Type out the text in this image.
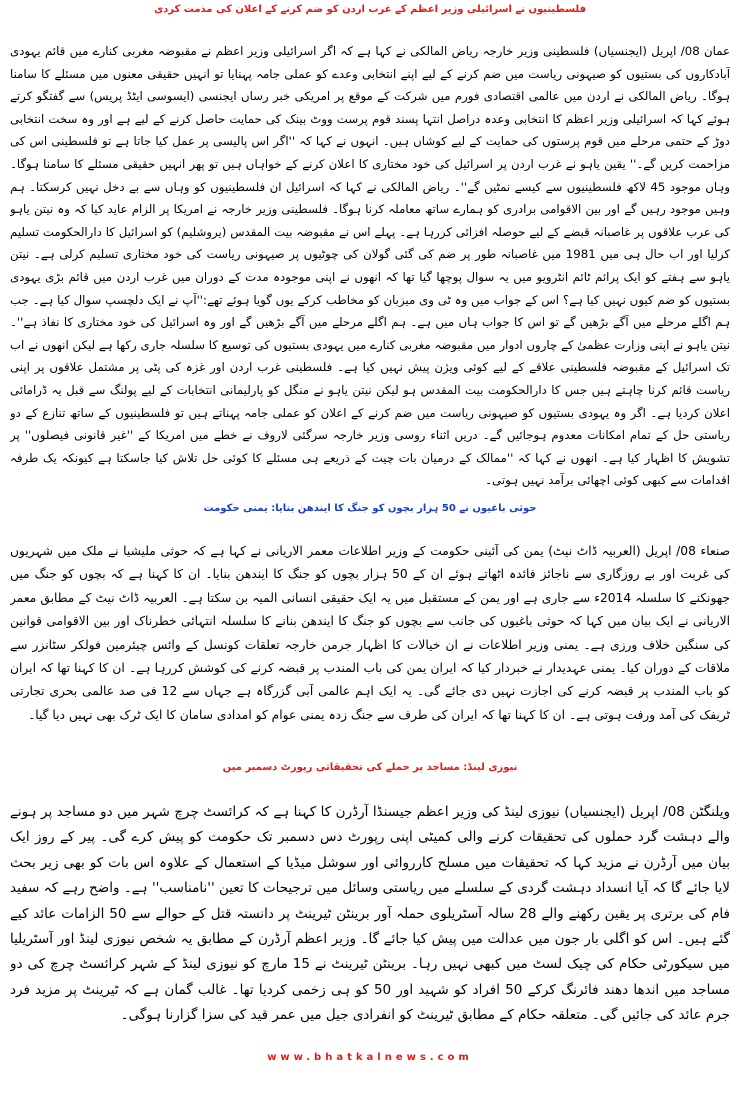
فلسطینیوں نے اسرائیلی وزیر اعظم کے غرب اردن کو ضم کرنے کے اعلان کی مذمت کردی
عمان 08/ اپریل (ایجنسیاں) فلسطینی وزیر خارجہ ریاض المالکی نے کہا ہے کہ اگر اسرائیلی وزیر اعظم نے مقبوضہ مغربی کنارے میں قائم یہودی آبادکاروں کی بستیوں کو صیہونی ریاست میں ضم کرنے کے لیے اپنے انتخابی وعدے کو عملی جامہ پہنایا تو انہیں حقیقی معنوں میں مسئلے کا سامنا ہوگا۔ ریاض المالکی نے اردن میں عالمی اقتصادی فورم میں شرکت کے موقع پر امریکی خبر رساں ایجنسی (ایسوسی ایٹڈ پریس) سے گفتگو کرتے ہوئے کہا کہ اسرائیلی وزیر اعظم کا انتخابی وعدہ دراصل انتہا پسند قوم پرست ووٹ بینک کی حمایت حاصل کرنے کے لیے ہے اور وہ سخت انتخابی دوڑ کے حتمی مرحلے میں قوم پرستوں کی حمایت کے لیے کوشاں ہیں۔ انہوں نے کہا کہ ''اگر اس پالیسی پر عمل کیا جاتا ہے تو فلسطینی اس کی مزاحمت کریں گے۔'' یقین یاہو نے غرب اردن پر اسرائیل کی خود مختاری کا اعلان کرنے کے خواہاں ہیں تو پھر انہیں حقیقی مسئلے کا سامنا ہوگا۔ وہاں موجود 45 لاکھ فلسطینیوں سے کیسے نمٹیں گے''۔ ریاض المالکی نے کہا کہ اسرائیل ان فلسطینیوں کو وہاں سے بے دخل نہیں کرسکتا۔ ہم وہیں موجود رہیں گے اور بین الاقوامی برادری کو ہمارے ساتھ معاملہ کرنا ہوگا۔ فلسطینی وزیر خارجہ نے امریکا پر الزام عاید کیا کہ وہ نیتن یاہو کی عرب علاقوں پر غاصبانہ قبضے کے لیے حوصلہ افزائی کررہا ہے۔ پہلے اس نے مقبوضہ بیت المقدس (یروشلیم) کو اسرائیل کا دارالحکومت تسلیم کرلیا اور اب حال ہی میں 1981 میں غاصبانہ طور پر ضم کی گئی گولان کی چوٹیوں پر صیہونی ریاست کی خود مختاری تسلیم کرلی ہے۔ نیتن یاہو سے ہفتے کو ایک پرائم ٹائم انٹرویو میں یہ سوال پوچھا گیا تھا کہ انھوں نے اپنی موجودہ مدت کے دوران میں غرب اردن میں قائم بڑی یہودی بستیوں کو ضم کیوں نہیں کیا ہے؟ اس کے جواب میں وہ ٹی وی میزبان کو مخاطب کرکے یوں گویا ہوئے تھے:''آپ نے ایک دلچسپ سوال کیا ہے۔ جب ہم اگلے مرحلے میں آگے بڑھیں گے تو اس کا جواب ہاں میں ہے۔ ہم اگلے مرحلے میں آگے بڑھیں گے اور وہ اسرائیل کی خود مختاری کا نفاذ ہے''۔ نیتن یاہو نے اپنی وزارت عظمیٰ کے چاروں ادوار میں مقبوضہ مغربی کنارے میں یہودی بستیوں کی توسیع کا سلسلہ جاری رکھا ہے لیکن انھوں نے اب تک اسرائیل کے مقبوضہ فلسطینی علاقے کے لیے کوئی ویژن پیش نہیں کیا ہے۔ فلسطینی غرب اردن اور غزہ کی پٹی پر مشتمل علاقوں پر اپنی ریاست قائم کرنا چاہتے ہیں جس کا دارالحکومت بیت المقدس ہو لیکن نیتن یاہو نے منگل کو پارلیمانی انتخابات کے لیے پولنگ سے قبل یہ ڈرامائی اعلان کردیا ہے۔ اگر وہ یہودی بستیوں کو صیہونی ریاست میں ضم کرنے کے اعلان کو عملی جامہ پہناتے ہیں تو فلسطینیوں کے ساتھ تنازع کے دو ریاستی حل کے تمام امکانات معدوم ہوجائیں گے۔ دریں اثناء روسی وزیر خارجہ سرگئی لاروف نے خطے میں امریکا کے ''غیر قانونی فیصلوں'' پر تشویش کا اظہار کیا ہے۔ انھوں نے کہا کہ ''ممالک کے درمیان بات چیت کے ذریعے ہی مسئلے کا کوئی حل تلاش کیا جاسکتا ہے کیونکہ یک طرفہ اقدامات سے کبھی کوئی اچھائی برآمد نہیں ہوتی۔
حوثی باغیوں نے 50 ہزار بچوں کو جنگ کا ایندھن بنایا: یمنی حکومت
صنعاء 08/ اپریل (العربیہ ڈاٹ نیٹ) یمن کی آئینی حکومت کے وزیر اطلاعات معمر الاریانی نے کہا ہے کہ حوثی ملیشیا نے ملک میں شہریوں کی غربت اور بے روزگاری سے ناجائز فائدہ اٹھاتے ہوئے ان کے 50 ہزار بچوں کو جنگ کا ایندھن بنایا۔ ان کا کہنا ہے کہ بچوں کو جنگ میں جھونکنے کا سلسلہ 2014ء سے جاری ہے اور یمن کے مستقبل میں یہ ایک حقیقی انسانی المیہ بن سکتا ہے۔ العربیہ ڈاٹ نیٹ کے مطابق معمر الاریانی نے ایک بیان میں کہا کہ حوثی باغیوں کی جانب سے بچوں کو جنگ کا ایندھن بنانے کا سلسلہ انتہائی خطرناک اور بین الاقوامی قوانین کی سنگین خلاف ورزی ہے۔ یمنی وزیر اطلاعات نے ان خیالات کا اظہار جرمن خارجہ تعلقات کونسل کے وائس چیئرمین فولکر سٹانزر سے ملاقات کے دوران کیا۔ یمنی عہدیدار نے خبردار کیا کہ ایران یمن کی باب المندب پر قبضہ کرنے کی کوشش کررہا ہے۔ ان کا کہنا تھا کہ ایران کو باب المندب پر قبضہ کرنے کی اجازت نہیں دی جائے گی۔ یہ ایک اہم عالمی آبی گزرگاہ ہے جہاں سے 12 فی صد عالمی بحری تجارتی ٹریفک کی آمد ورفت ہوتی ہے۔ ان کا کہنا تھا کہ ایران کی طرف سے جنگ زدہ یمنی عوام کو امدادی سامان کا ایک ٹرک بھی نہیں دیا گیا۔
نیوزی لینڈ: مساجد پر حملے کی تحقیقاتی رپورٹ دسمبر میں
ویلنگٹن 08/ اپریل (ایجنسیاں) نیوزی لینڈ کی وزیر اعظم جیسنڈا آرڈرن کا کہنا ہے کہ کرائسٹ چرچ شہر میں دو مساجد پر ہونے والے دہشت گرد حملوں کی تحقیقات کرنے والی کمیٹی اپنی رپورٹ دس دسمبر تک حکومت کو پیش کرے گی۔ پیر کے روز ایک بیان میں آرڈرن نے مزید کہا کہ تحقیقات میں مسلح کارروائی اور سوشل میڈیا کے استعمال کے علاوہ اس بات کو بھی زیر بحث لایا جائے گا کہ آیا انسداد دہشت گردی کے سلسلے میں ریاستی وسائل میں ترجیحات کا تعین ''نامناسب'' ہے۔ واضح رہے کہ سفید فام کی برتری پر یقین رکھنے والے 28 سالہ آسٹریلوی حملہ آور برینٹن ٹیرینٹ پر دانستہ قتل کے حوالے سے 50 الزامات عائد کیے گئے ہیں۔ اس کو اگلی بار جون میں عدالت میں پیش کیا جائے گا۔ وزیر اعظم آرڈرن کے مطابق یہ شخص نیوزی لینڈ اور آسٹریلیا میں سیکورٹی حکام کی چیک لسٹ میں کبھی نہیں رہا۔ برینٹن ٹیرینٹ نے 15 مارچ کو نیوزی لینڈ کے شہر کرائسٹ چرچ کی دو مساجد میں اندھا دھند فائرنگ کرکے 50 افراد کو شہید اور 50 کو ہی زخمی کردیا تھا۔ غالب گمان ہے کہ ٹیرینٹ پر مزید فرد جرم عائد کی جائیں گی۔ متعلقہ حکام کے مطابق ٹیرینٹ کو انفرادی جیل میں عمر قید کی سزا گزارنا ہوگی۔
www.bhatkalnews.com
